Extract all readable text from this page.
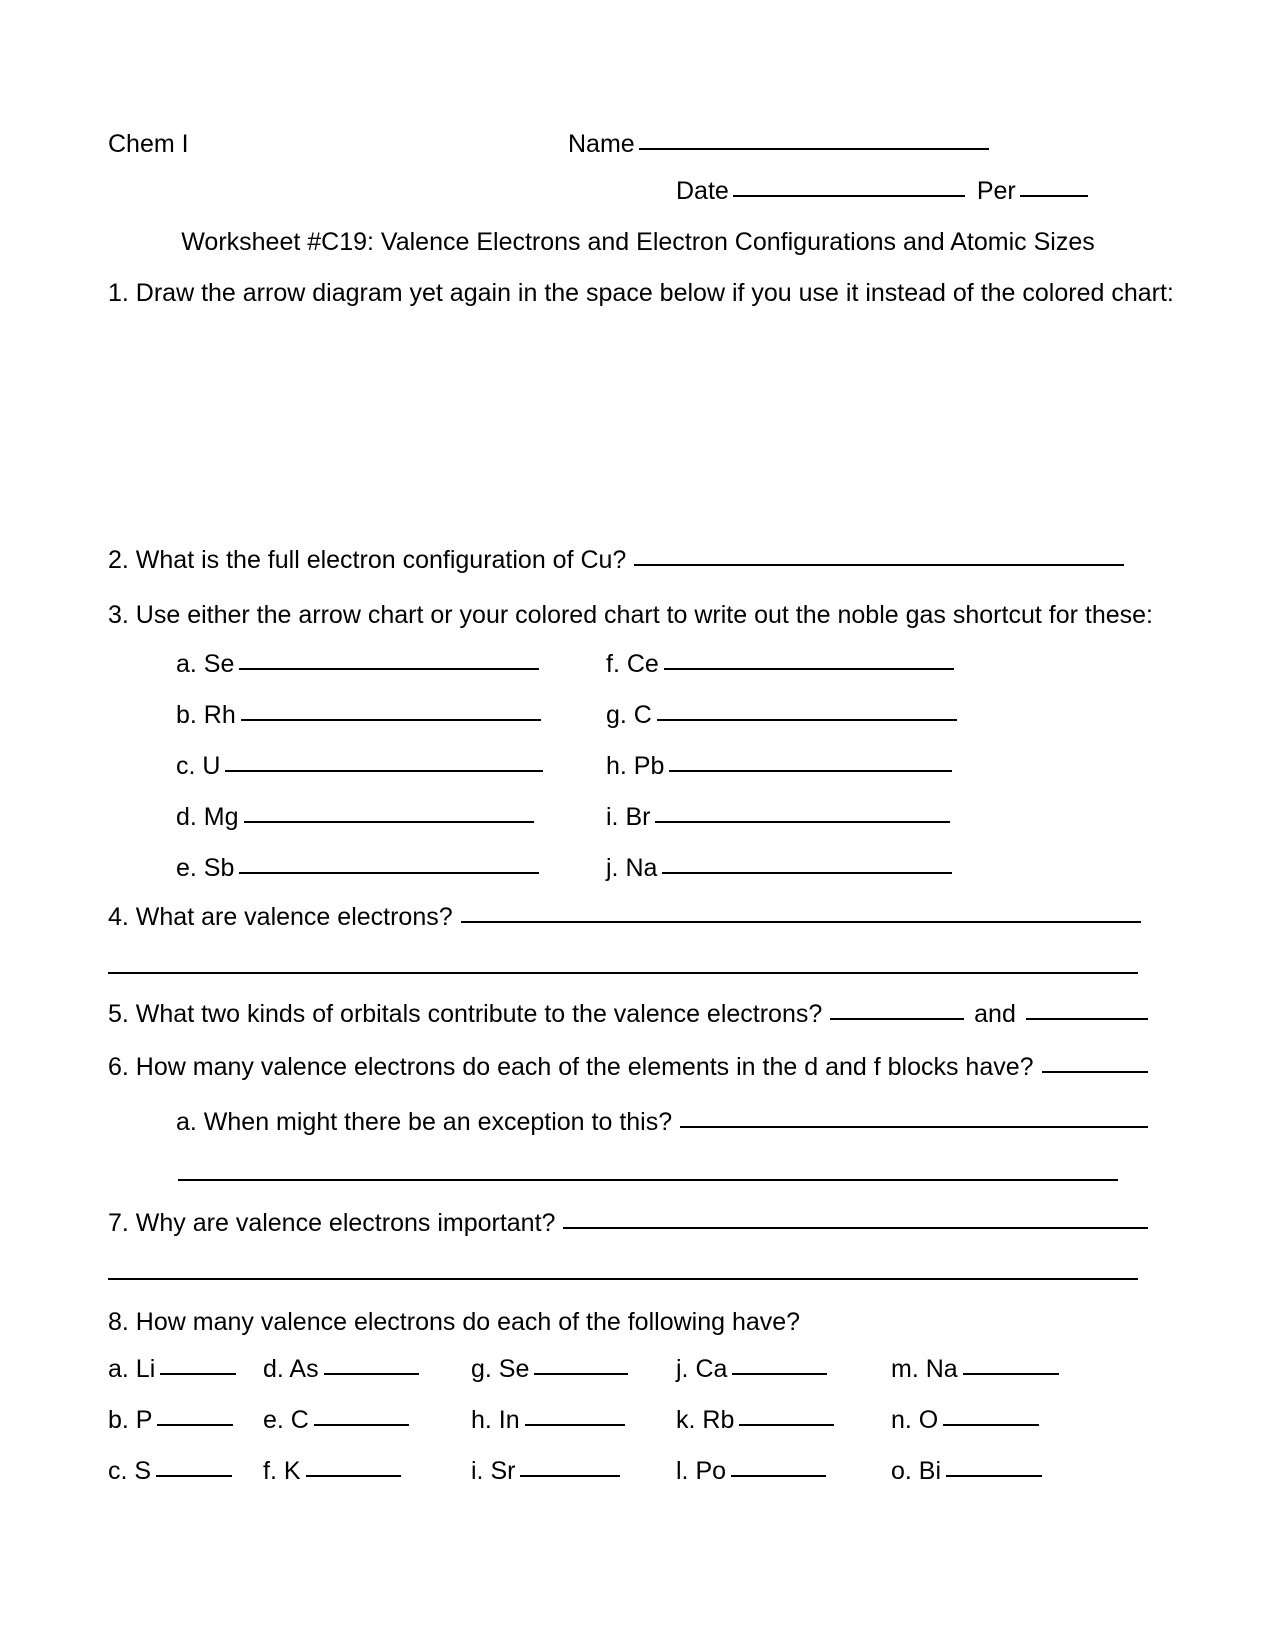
Chem I	Name
Date	Per
Worksheet #C19: Valence Electrons and Electron Configurations and Atomic Sizes
1. Draw the arrow diagram yet again in the space below if you use it instead of the colored chart:
2. What is the full electron configuration of Cu?
3. Use either the arrow chart or your colored chart to write out the noble gas shortcut for these:
a. Se	f. Ce
b. Rh	g. C
c. U	h. Pb
d. Mg	i. Br
e. Sb	j. Na
4. What are valence electrons?
5. What two kinds of orbitals contribute to the valence electrons?	and
6. How many valence electrons do each of the elements in the d and f blocks have?
a. When might there be an exception to this?
7. Why are valence electrons important?
8. How many valence electrons do each of the following have?
a. Li	d. As	g. Se	j. Ca	m. Na
b. P	e. C	h. In	k. Rb	n. O
c. S	f. K	i. Sr	l. Po	o. Bi
